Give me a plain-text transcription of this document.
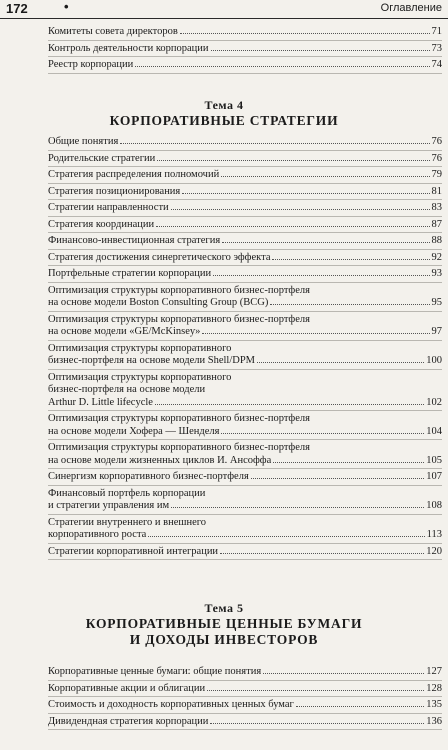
172	•	Оглавление
Комитеты совета директоров	71
Контроль деятельности корпорации	73
Реестр корпорации	74
Тема 4
КОРПОРАТИВНЫЕ СТРАТЕГИИ
Общие понятия	76
Родительские стратегии	76
Стратегия распределения полномочий	79
Стратегия позиционирования	81
Стратегии направленности	83
Стратегия координации	87
Финансово-инвестиционная стратегия	88
Стратегия достижения синергетического эффекта	92
Портфельные стратегии корпорации	93
Оптимизация структуры корпоративного бизнес-портфеля
на основе модели Boston Consulting Group (BCG)	95
Оптимизация структуры корпоративного бизнес-портфеля
на основе модели «GE/McKinsey»	97
Оптимизация структуры корпоративного
бизнес-портфеля на основе модели Shell/DPM	100
Оптимизация структуры корпоративного
бизнес-портфеля на основе модели
Arthur D. Little lifecycle	102
Оптимизация структуры корпоративного бизнес-портфеля
на основе модели Хофера — Шенделя	104
Оптимизация структуры корпоративного бизнес-портфеля
на основе модели жизненных циклов И. Ансоффа	105
Синергизм корпоративного бизнес-портфеля	107
Финансовый портфель корпорации
и стратегии управления им	108
Стратегии внутреннего и внешнего
корпоративного роста	113
Стратегии корпоративной интеграции	120
Тема 5
КОРПОРАТИВНЫЕ ЦЕННЫЕ БУМАГИ
И ДОХОДЫ ИНВЕСТОРОВ
Корпоративные ценные бумаги: общие понятия	127
Корпоративные акции и облигации	128
Стоимость и доходность корпоративных ценных бумаг	135
Дивидендная стратегия корпорации	136
